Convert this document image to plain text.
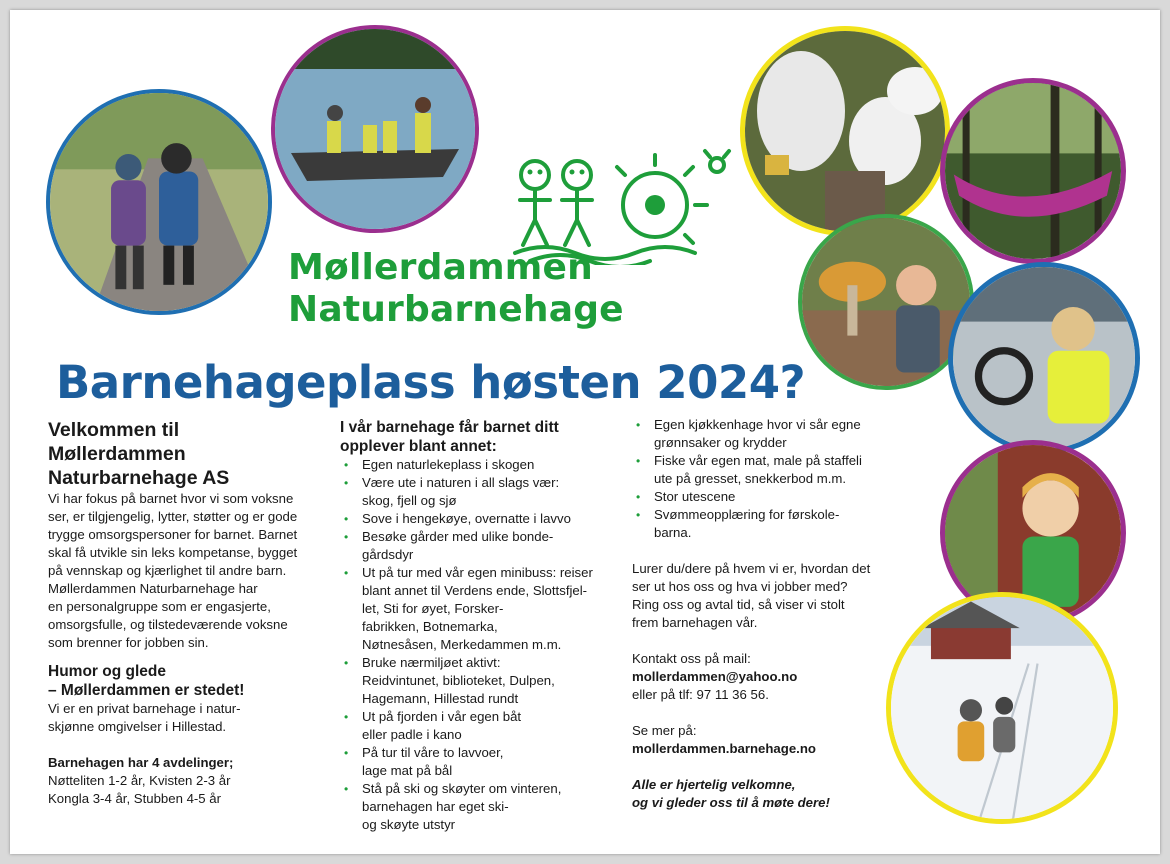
Møllerdammen
Naturbarnehage
Barnehageplass høsten 2024?
Velkommen til
Møllerdammen
Naturbarnehage AS

Vi har fokus på barnet hvor vi som voksne
ser, er tilgjengelig, lytter, støtter og er gode
trygge omsorgspersoner for barnet. Barnet
skal få utvikle sin leks kompetanse, bygget
på vennskap og kjærlighet til andre barn.
Møllerdammen Naturbarnehage har
en personalgruppe som er engasjerte,
omsorgsfulle, og tilstedeværende voksne
som brenner for jobben sin.

Humor og glede
– Møllerdammen er stedet!

Vi er en privat barnehage i natur-
skjønne omgivelser i Hillestad.

Barnehagen har 4 avdelinger;

Nøtteliten 1-2 år, Kvisten 2-3 år
Kongla 3-4 år, Stubben 4-5 år

I vår barnehage får barnet ditt
opplever blant annet:
• Egen naturlekeplass i skogen
• Være ute i naturen i all slags vær:
skog, fjell og sjø
• Sove i hengekøye, overnatte i lavvo
• Besøke gårder med ulike bonde-
gårdsdyr
• Ut på tur med vår egen minibuss: reiser
blant annet til Verdens ende, Slottsfjel-
let, Sti for øyet, Forsker-
fabrikken, Botnemarka,
Nøtnesåsen, Merkedammen m.m.
• Bruke nærmiljøet aktivt:
Reidvintunet, biblioteket, Dulpen,
Hagemann, Hillestad rundt
• Ut på fjorden i vår egen båt
eller padle i kano
• På tur til våre to lavvoer,
lage mat på bål
• Stå på ski og skøyter om vinteren,
barnehagen har eget ski-
og skøyte utstyr
• Egen kjøkkenhage hvor vi sår egne
grønnsaker og krydder
• Fiske vår egen mat, male på staffeli
ute på gresset, snekkerbod m.m.
• Stor utescene
• Svømmeopplæring for førskole-
barna.

Lurer du/dere på hvem vi er, hvordan det
ser ut hos oss og hva vi jobber med?
Ring oss og avtal tid, så viser vi stolt
frem barnehagen vår.

Kontakt oss på mail:

mollerdammen@yahoo.no

eller på tlf: 97 11 36 56.

Se mer på:

mollerdammen.barnehage.no

Alle er hjertelig velkomne,
og vi gleder oss til å møte dere!
